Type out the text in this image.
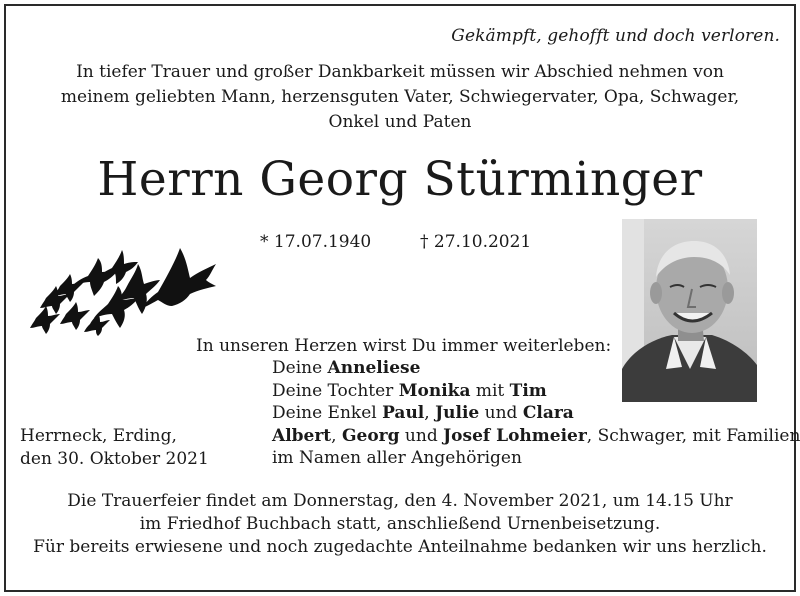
Gekämpft, gehofft und doch verloren.
In tiefer Trauer und großer Dankbarkeit müssen wir Abschied nehmen von
meinem geliebten Mann, herzensguten Vater, Schwiegervater, Opa, Schwager,
Onkel und Paten
Herrn Georg Stürminger
* 17.07.1940	† 27.10.2021
In unseren Herzen wirst Du immer weiterleben:
Deine Anneliese
Deine Tochter Monika mit Tim
Deine Enkel Paul, Julie und Clara
Albert, Georg und Josef Lohmeier, Schwager, mit Familien
im Namen aller Angehörigen
Herrneck, Erding,
den 30. Oktober 2021
Die Trauerfeier findet am Donnerstag, den 4. November 2021, um 14.15 Uhr
im Friedhof Buchbach statt, anschließend Urnenbeisetzung.
Für bereits erwiesene und noch zugedachte Anteilnahme bedanken wir uns herzlich.
